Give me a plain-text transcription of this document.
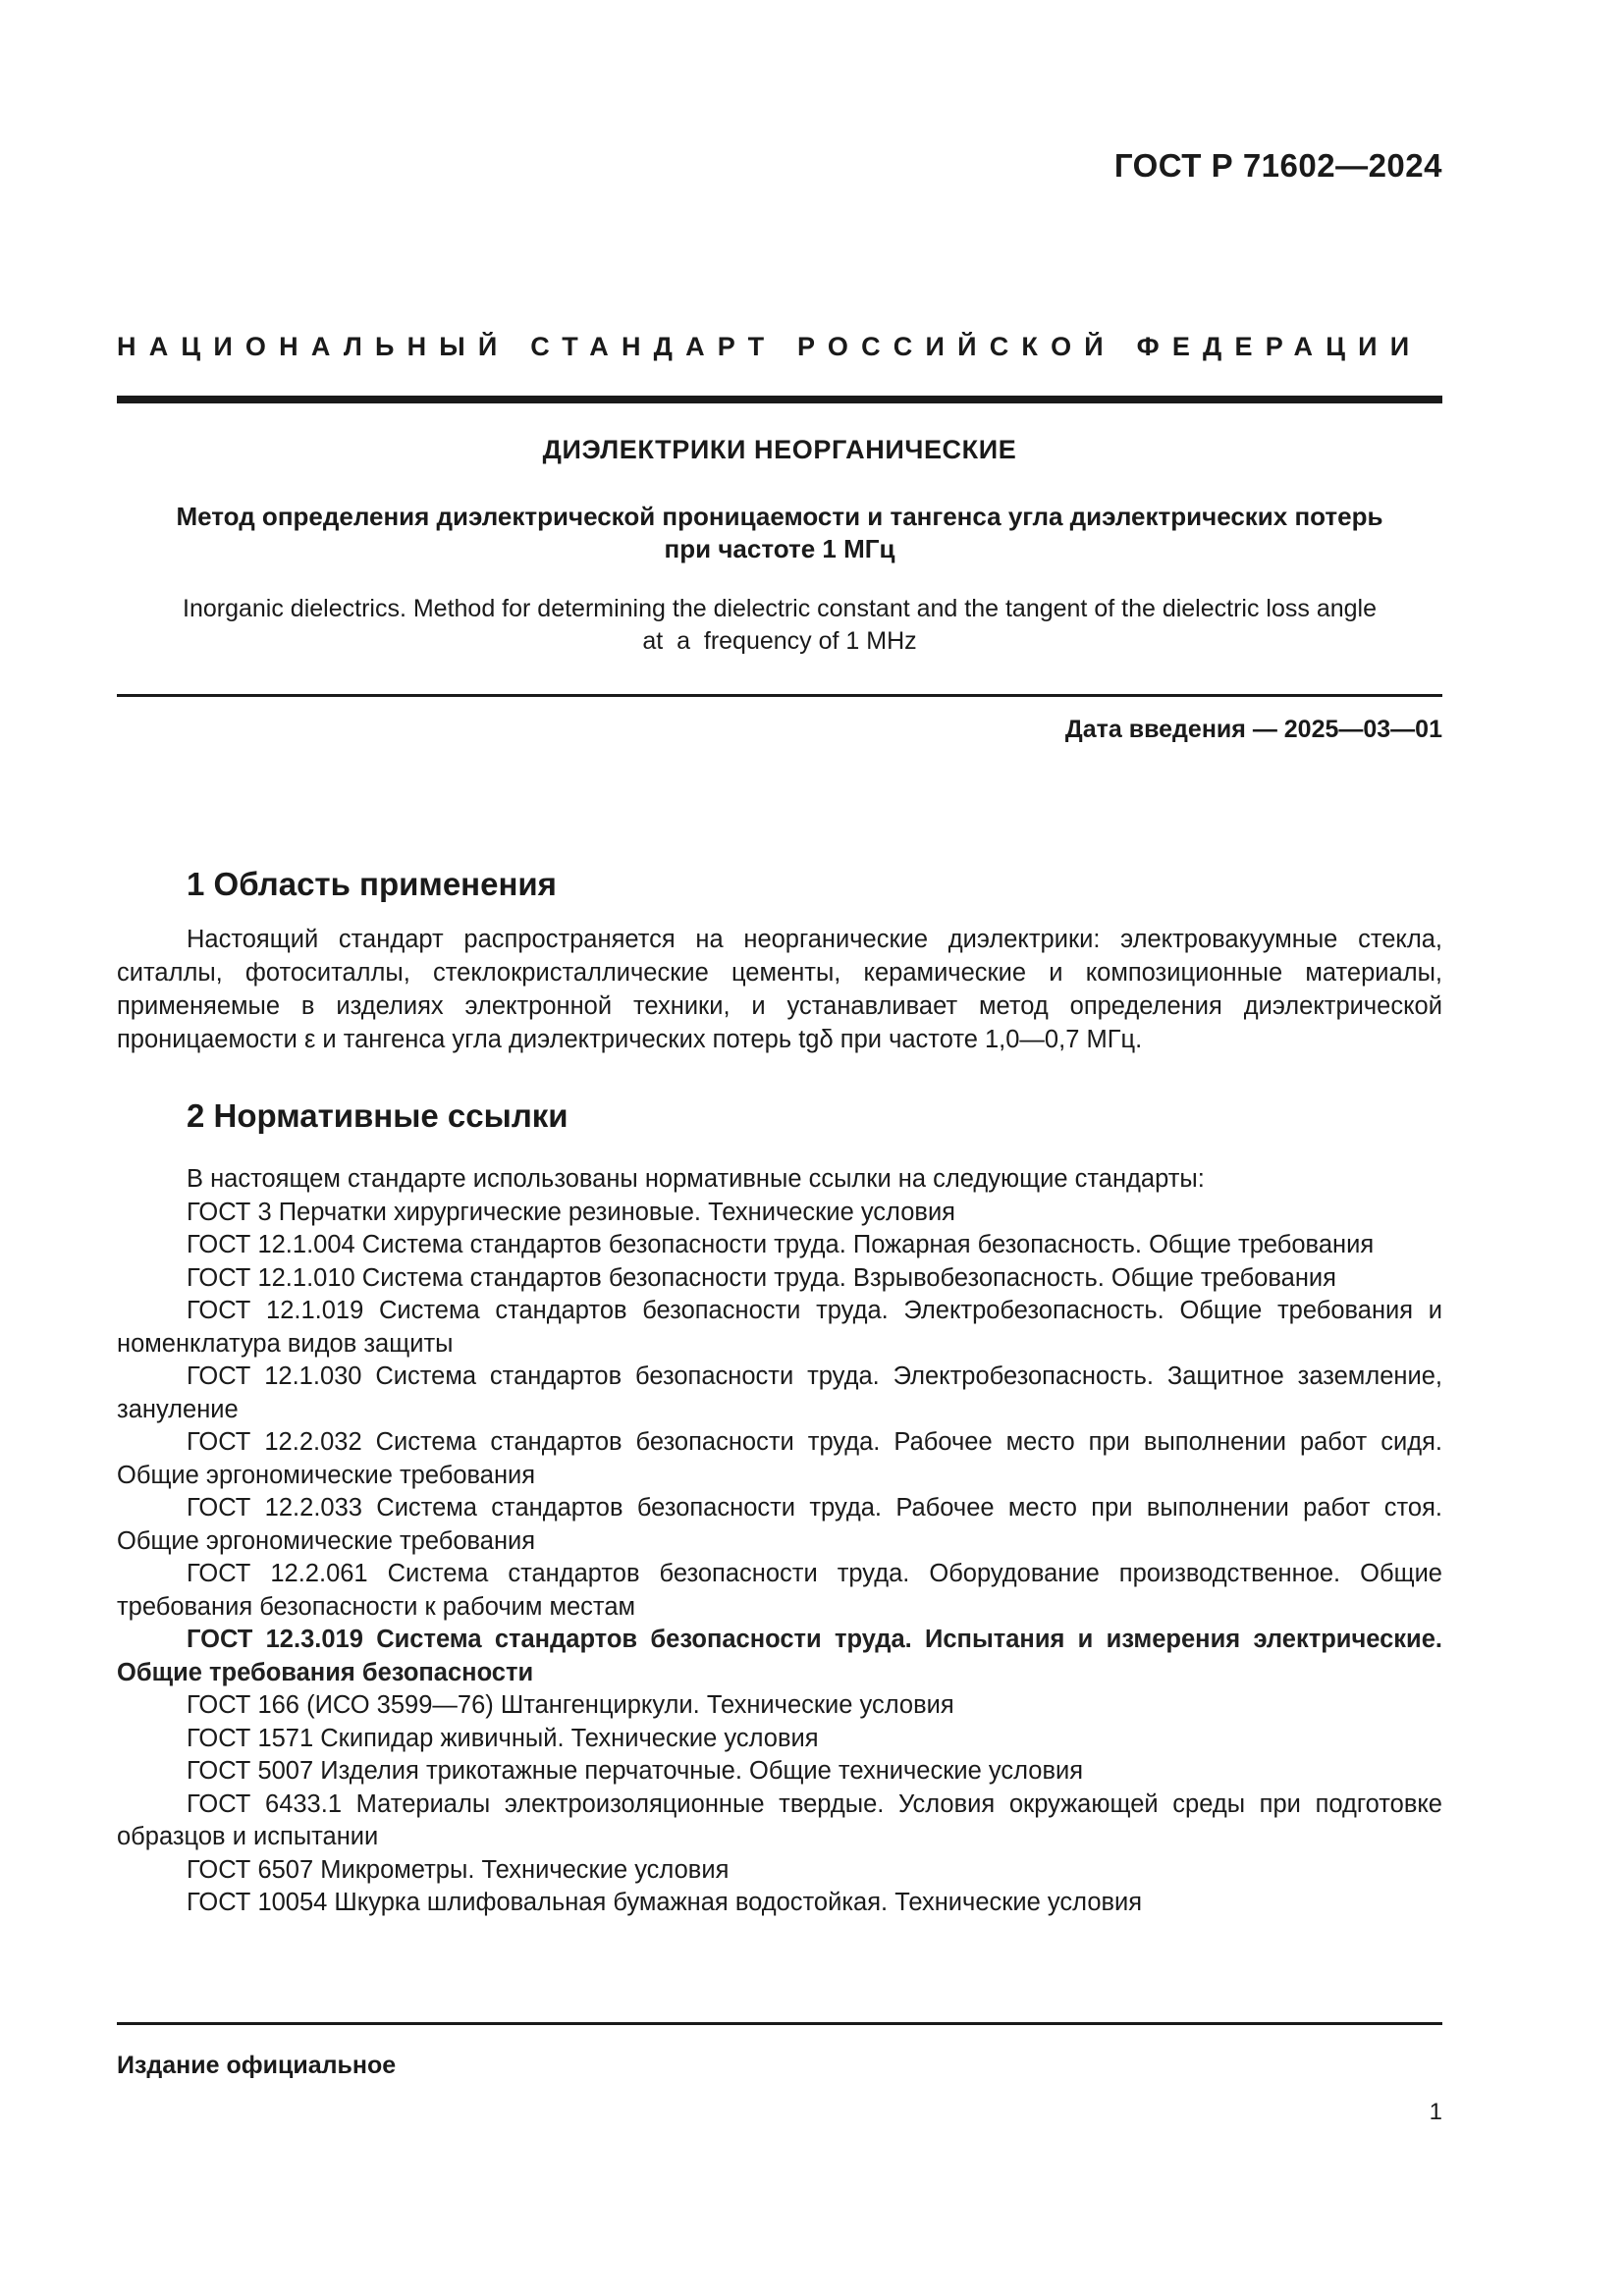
ГОСТ Р 71602—2024
НАЦИОНАЛЬНЫЙ СТАНДАРТ РОССИЙСКОЙ ФЕДЕРАЦИИ
ДИЭЛЕКТРИКИ НЕОРГАНИЧЕСКИЕ
Метод определения диэлектрической проницаемости и тангенса угла диэлектрических потерь
при частоте 1 МГц
Inorganic dielectrics. Method for determining the dielectric constant and the tangent of the dielectric loss angle
at  a  frequency of 1 MHz
Дата введения — 2025—03—01
1 Область применения

Настоящий стандарт распространяется на неорганические диэлектрики: электровакуумные стекла, ситаллы, фотоситаллы, стеклокристаллические цементы, керамические и композиционные материалы, применяемые в изделиях электронной техники, и устанавливает метод определения диэлектрической проницаемости ε и тангенса угла диэлектрических потерь tgδ при частоте 1,0—0,7 МГц.

2 Нормативные ссылки

В настоящем стандарте использованы нормативные ссылки на следующие стандарты:

ГОСТ 3 Перчатки хирургические резиновые. Технические условия

ГОСТ 12.1.004 Система стандартов безопасности труда. Пожарная безопасность. Общие требования

ГОСТ 12.1.010 Система стандартов безопасности труда. Взрывобезопасность. Общие требования

ГОСТ 12.1.019 Система стандартов безопасности труда. Электробезопасность. Общие требования и номенклатура видов защиты

ГОСТ 12.1.030 Система стандартов безопасности труда. Электробезопасность. Защитное заземление, зануление

ГОСТ 12.2.032 Система стандартов безопасности труда. Рабочее место при выполнении работ сидя. Общие эргономические требования

ГОСТ 12.2.033 Система стандартов безопасности труда. Рабочее место при выполнении работ стоя. Общие эргономические требования

ГОСТ 12.2.061 Система стандартов безопасности труда. Оборудование производственное. Общие требования безопасности к рабочим местам

ГОСТ 12.3.019 Система стандартов безопасности труда. Испытания и измерения электрические. Общие требования безопасности

ГОСТ 166 (ИСО 3599—76) Штангенциркули. Технические условия

ГОСТ 1571 Скипидар живичный. Технические условия

ГОСТ 5007 Изделия трикотажные перчаточные. Общие технические условия

ГОСТ 6433.1 Материалы электроизоляционные твердые. Условия окружающей среды при подготовке образцов и испытании

ГОСТ 6507 Микрометры. Технические условия

ГОСТ 10054 Шкурка шлифовальная бумажная водостойкая. Технические условия

Издание официальное
1
